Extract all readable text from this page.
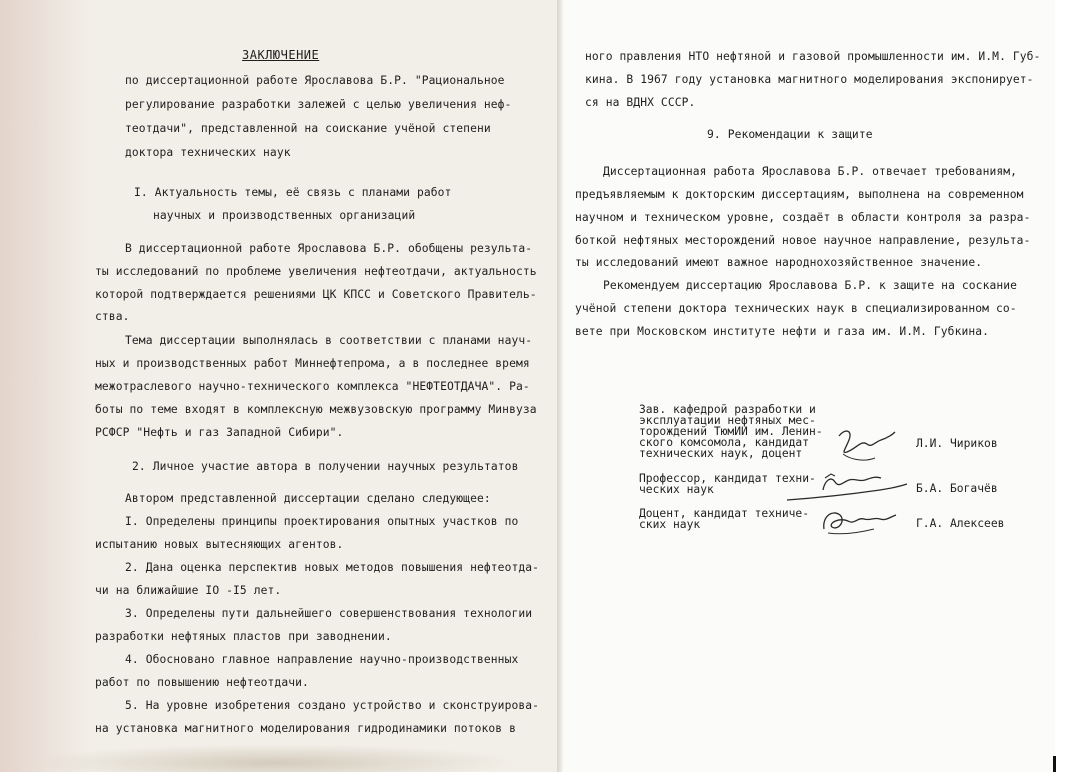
ЗАКЛЮЧЕНИЕ
по диссертационной работе Ярославова Б.Р. "Рациональное
регулирование разработки залежей с целью увеличения неф-
теотдачи", представленной на соискание учёной степени
доктора технических наук
I. Актуальность темы, её связь с планами работ
научных и производственных организаций
В диссертационной работе Ярославова Б.Р. обобщены результа-
ты исследований по проблеме увеличения нефтеотдачи, актуальность
которой подтверждается решениями ЦК КПСС и Советского Правитель-
ства.
Тема диссертации выполнялась в соответствии с планами науч-
ных и производственных работ Миннефтепрома, а в последнее время
межотраслевого научно-технического комплекса "НЕФТЕОТДАЧА". Ра-
боты по теме входят в комплексную межвузовскую программу Минвуза
РСФСР "Нефть и газ Западной Сибири".
2. Личное участие автора в получении научных результатов
Автором представленной диссертации сделано следующее:
I. Определены принципы проектирования опытных участков по
испытанию новых вытесняющих агентов.
2. Дана оценка перспектив новых методов повышения нефтеотда-
чи на ближайшие IO -I5 лет.
3. Определены пути дальнейшего совершенствования технологии
разработки нефтяных пластов при заводнении.
4. Обосновано главное направление научно-производственных
работ по повышению нефтеотдачи.
5. На уровне изобретения создано устройство и сконструирова-
на установка магнитного моделирования гидродинамики потоков в
ного правления НТО нефтяной и газовой промышленности им. И.М. Губ-
кина. В 1967 году установка магнитного моделирования экспонирует-
ся на ВДНХ СССР.
9. Рекомендации к защите
Диссертационная работа Ярославова Б.Р. отвечает требованиям,
предъявляемым к докторским диссертациям, выполнена на современном
научном и техническом уровне, создаёт в области контроля за разра-
боткой нефтяных месторождений новое научное направление, результа-
ты исследований имеют важное народнохозяйственное значение.
Рекомендуем диссертацию Ярославова Б.Р. к защите на соскание
учёной степени доктора технических наук в специализированном со-
вете при Московском институте нефти и газа им. И.М. Губкина.
Зав. кафедрой разработки и
эксплуатации нефтяных мес-
торождений ТюмИИ им. Ленин-
ского комсомола, кандидат
технических наук, доцент
Л.И. Чириков
Профессор, кандидат техни-
ческих наук	Б.А. Богачёв
Доцент, кандидат техниче-
ских наук	Г.А. Алексеев
